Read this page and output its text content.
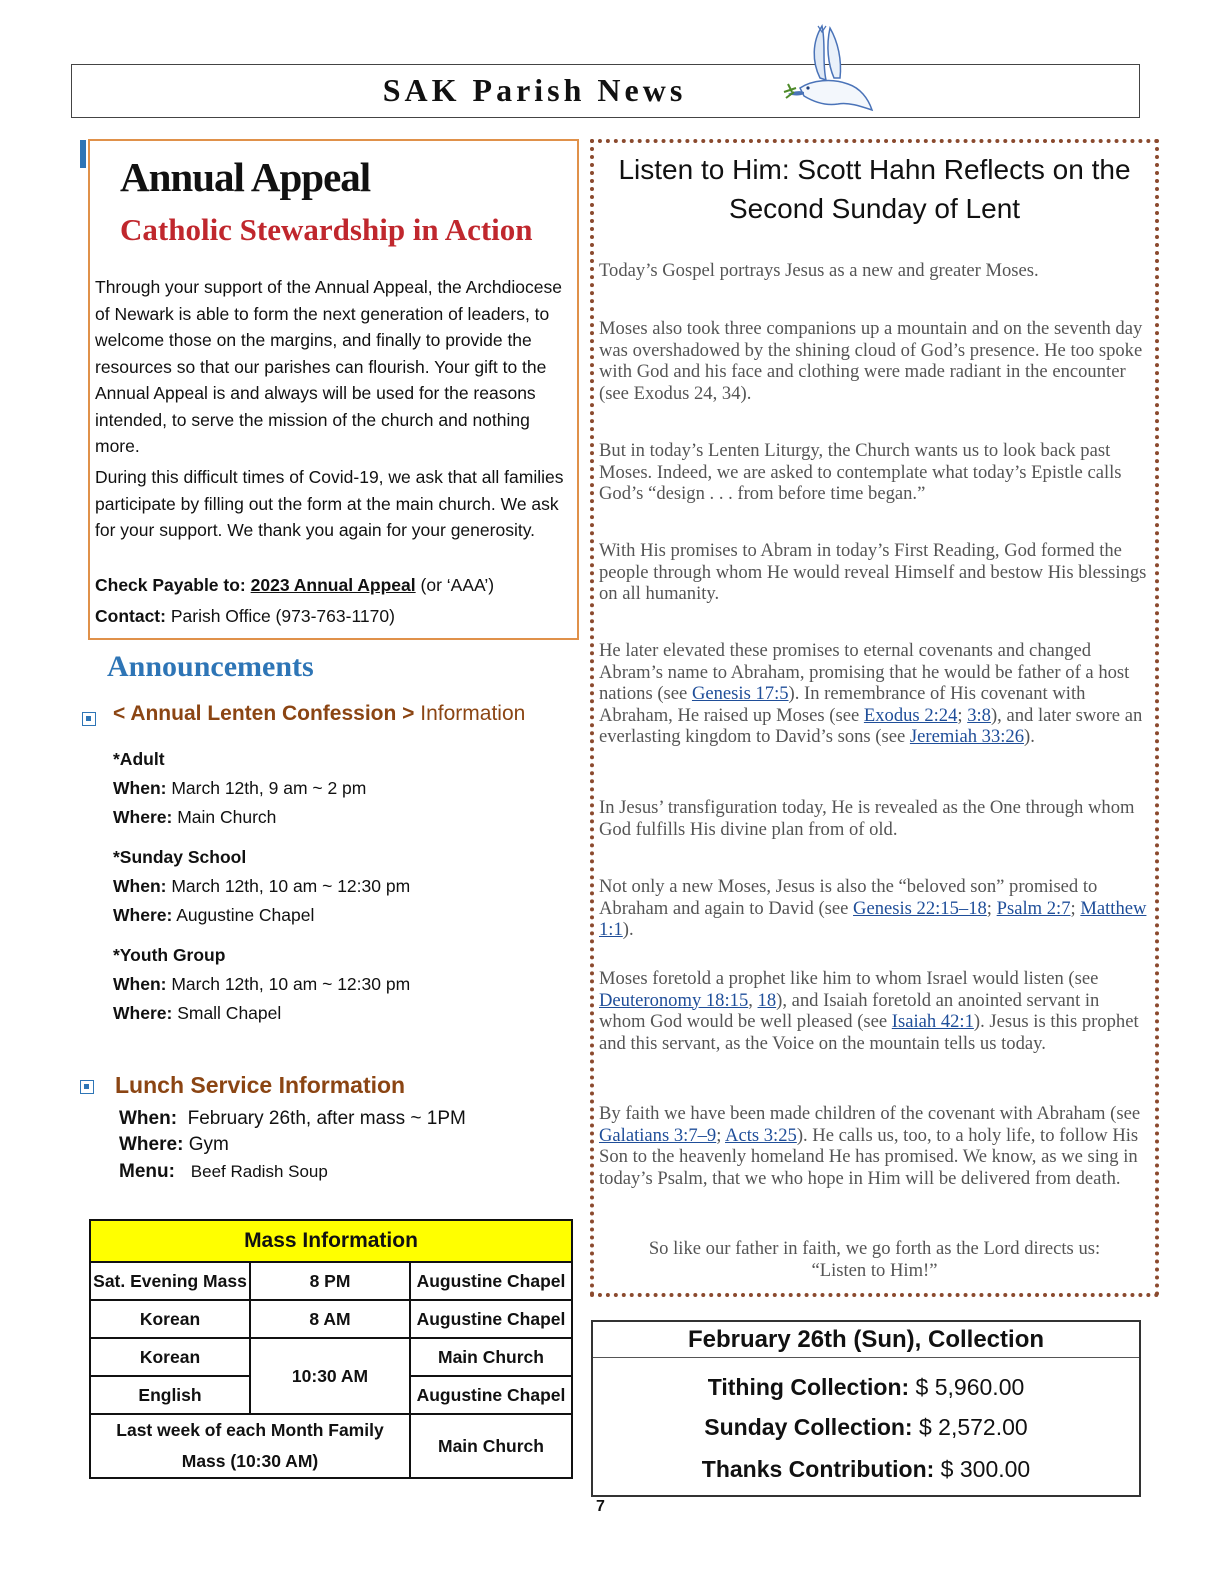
SAK Parish News
Annual Appeal
Catholic Stewardship in Action
Through your support of the Annual Appeal, the Archdiocese of Newark is able to form the next generation of leaders, to welcome those on the margins, and finally to provide the resources so that our parishes can flourish. Your gift to the Annual Appeal is and always will be used for the reasons intended, to serve the mission of the church and nothing more.
During this difficult times of Covid-19, we ask that all families participate by filling out the form at the main church. We ask for your support. We thank you again for your generosity.
Check Payable to: 2023 Annual Appeal (or ‘AAA’)
Contact: Parish Office (973-763-1170)
Announcements
< Annual Lenten Confession > Information
*Adult
When: March 12th, 9 am ~ 2 pm
Where: Main Church
*Sunday School
When: March 12th, 10 am ~ 12:30 pm
Where: Augustine Chapel
*Youth Group
When: March 12th, 10 am ~ 12:30 pm
Where: Small Chapel
Lunch Service Information
When: February 26th, after mass ~ 1PM
Where: Gym
Menu: Beef Radish Soup
Mass Information		
Sat. Evening Mass	8 PM	Augustine Chapel
Korean	8 AM	Augustine Chapel
Korean	10:30 AM	Main Church
English		Augustine Chapel
Last week of each Month Family Mass (10:30 AM)		Main Church
Listen to Him: Scott Hahn Reflects on the Second Sunday of Lent
Today’s Gospel portrays Jesus as a new and greater Moses.
Moses also took three companions up a mountain and on the seventh day was overshadowed by the shining cloud of God’s presence. He too spoke with God and his face and clothing were made radiant in the encounter (see Exodus 24, 34).
But in today’s Lenten Liturgy, the Church wants us to look back past Moses. Indeed, we are asked to contemplate what today’s Epistle calls God’s “design . . . from before time began.”
With His promises to Abram in today’s First Reading, God formed the people through whom He would reveal Himself and bestow His blessings on all humanity.
He later elevated these promises to eternal covenants and changed Abram’s name to Abraham, promising that he would be father of a host nations (see Genesis 17:5). In remembrance of His covenant with Abraham, He raised up Moses (see Exodus 2:24; 3:8), and later swore an everlasting kingdom to David’s sons (see Jeremiah 33:26).
In Jesus’ transfiguration today, He is revealed as the One through whom God fulfills His divine plan from of old.
Not only a new Moses, Jesus is also the “beloved son” promised to Abraham and again to David (see Genesis 22:15–18; Psalm 2:7; Matthew 1:1).
Moses foretold a prophet like him to whom Israel would listen (see Deuteronomy 18:15, 18), and Isaiah foretold an anointed servant in whom God would be well pleased (see Isaiah 42:1). Jesus is this prophet and this servant, as the Voice on the mountain tells us today.
By faith we have been made children of the covenant with Abraham (see Galatians 3:7–9; Acts 3:25). He calls us, too, to a holy life, to follow His Son to the heavenly homeland He has promised. We know, as we sing in today’s Psalm, that we who hope in Him will be delivered from death.
So like our father in faith, we go forth as the Lord directs us: “Listen to Him!”
February 26th (Sun), Collection
Tithing Collection: $ 5,960.00
Sunday Collection: $ 2,572.00
Thanks Contribution: $ 300.00
7
